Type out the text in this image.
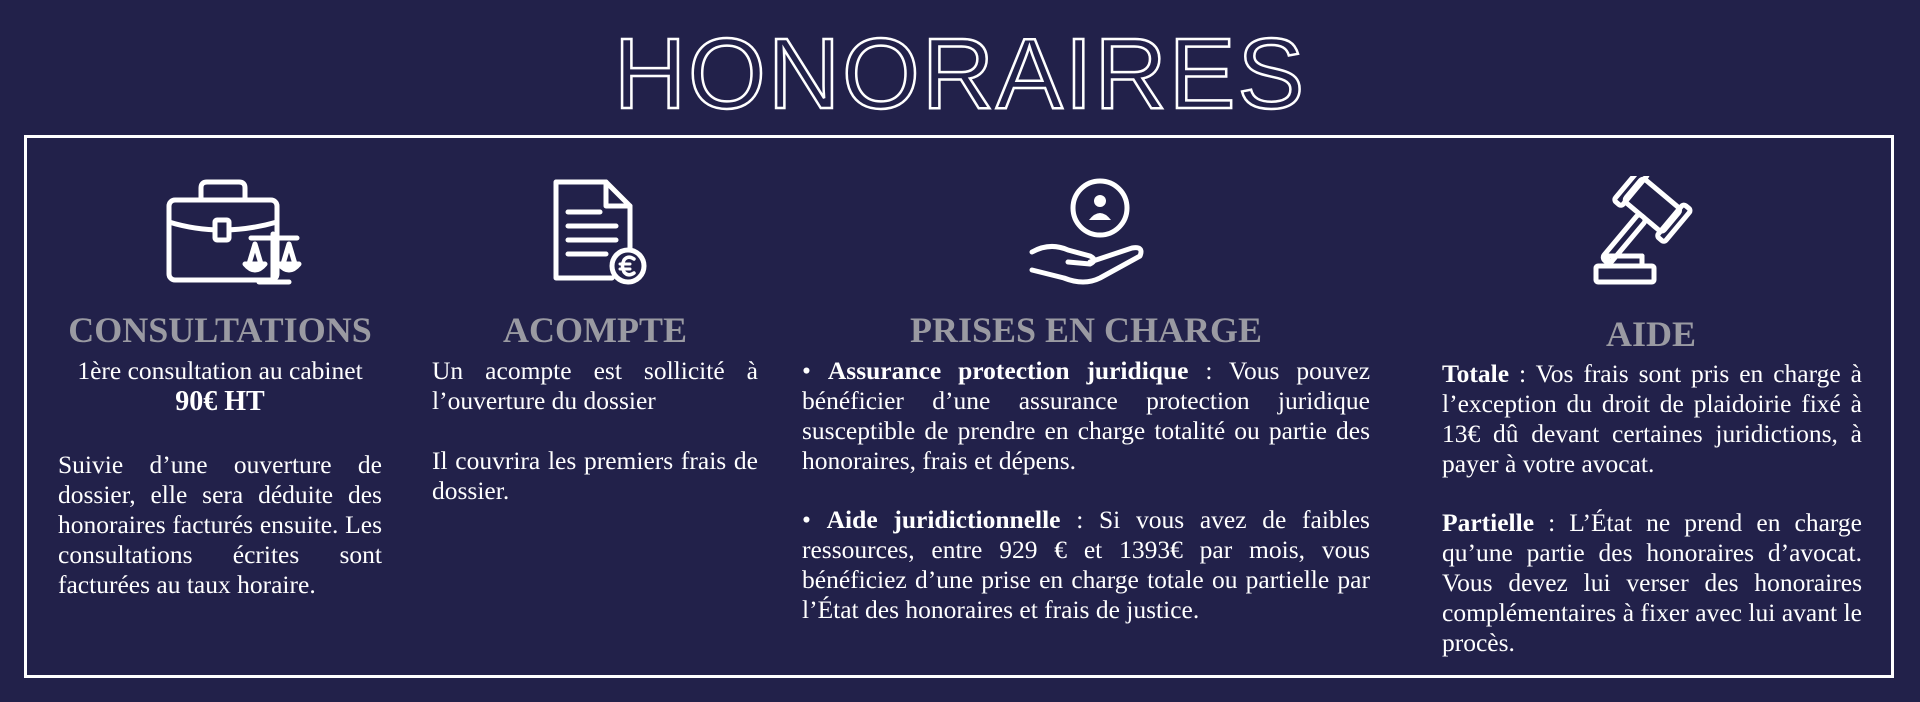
HONORAIRES
CONSULTATIONS
1ère consultation au cabinet
90€ HT
Suivie d’une ouverture de dossier, elle sera déduite des honoraires facturés ensuite. Les consultations écrites sont facturées au taux horaire.
ACOMPTE
Un acompte est sollicité à l’ouverture du dossier
Il couvrira les premiers frais de dossier.
PRISES EN CHARGE
• Assurance protection juridique : Vous pouvez bénéficier d’une assurance protection juridique susceptible de prendre en charge totalité ou partie des honoraires, frais et dépens.
• Aide juridictionnelle : Si vous avez de faibles ressources, entre 929 € et 1393€ par mois, vous bénéficiez d’une prise en charge totale ou partielle par l’État des honoraires et frais de justice.
AIDE
Totale : Vos frais sont pris en charge à l’exception du droit de plaidoirie fixé à 13€ dû devant certaines juridictions, à payer à votre avocat.
Partielle : L’État ne prend en charge qu’une partie des honoraires d’avocat. Vous devez lui verser des honoraires complémentaires à fixer avec lui avant le procès.
